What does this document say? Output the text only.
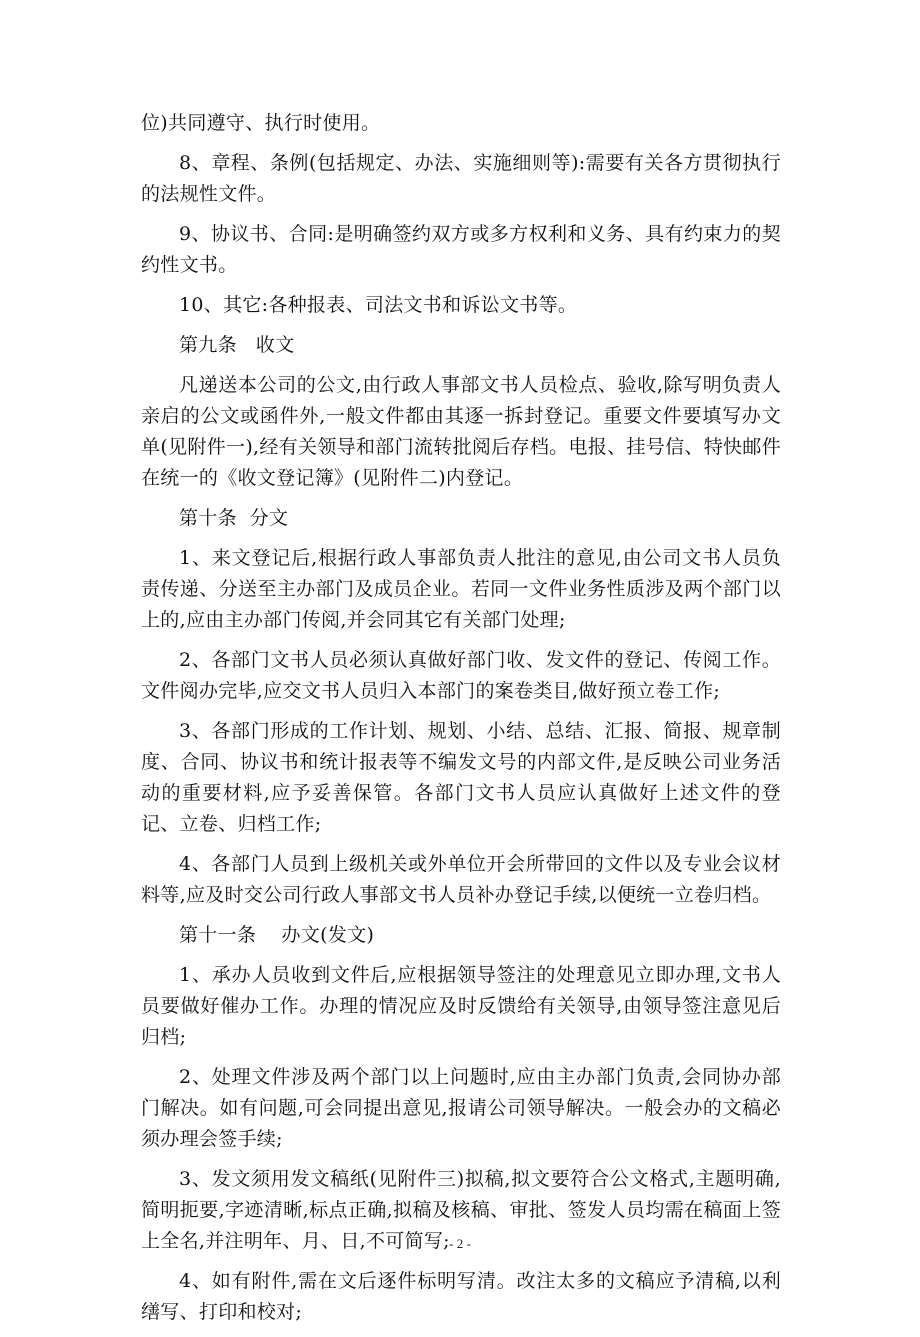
位)共同遵守、执行时使用。

8、章程、条例(包括规定、办法、实施细则等):需要有关各方贯彻执行的法规性文件。

9、协议书、合同:是明确签约双方或多方权利和义务、具有约束力的契约性文书。

10、其它:各种报表、司法文书和诉讼文书等。

第九条   收文

凡递送本公司的公文,由行政人事部文书人员检点、验收,除写明负责人亲启的公文或函件外,一般文件都由其逐一拆封登记。重要文件要填写办文单(见附件一),经有关领导和部门流转批阅后存档。电报、挂号信、特快邮件在统一的《收文登记簿》(见附件二)内登记。

第十条  分文

1、来文登记后,根据行政人事部负责人批注的意见,由公司文书人员负责传递、分送至主办部门及成员企业。若同一文件业务性质涉及两个部门以上的,应由主办部门传阅,并会同其它有关部门处理;

2、各部门文书人员必须认真做好部门收、发文件的登记、传阅工作。文件阅办完毕,应交文书人员归入本部门的案卷类目,做好预立卷工作;

3、各部门形成的工作计划、规划、小结、总结、汇报、简报、规章制度、合同、协议书和统计报表等不编发文号的内部文件,是反映公司业务活动的重要材料,应予妥善保管。各部门文书人员应认真做好上述文件的登记、立卷、归档工作;

4、各部门人员到上级机关或外单位开会所带回的文件以及专业会议材料等,应及时交公司行政人事部文书人员补办登记手续,以便统一立卷归档。

第十一条    办文(发文)

1、承办人员收到文件后,应根据领导签注的处理意见立即办理,文书人员要做好催办工作。办理的情况应及时反馈给有关领导,由领导签注意见后归档;

2、处理文件涉及两个部门以上问题时,应由主办部门负责,会同协办部门解决。如有问题,可会同提出意见,报请公司领导解决。一般会办的文稿必须办理会签手续;

3、发文须用发文稿纸(见附件三)拟稿,拟文要符合公文格式,主题明确,简明扼要,字迹清晰,标点正确,拟稿及核稿、审批、签发人员均需在稿面上签上全名,并注明年、月、日,不可简写;

4、如有附件,需在文后逐件标明写清。改注太多的文稿应予清稿,以利缮写、打印和校对;

- 2 -
